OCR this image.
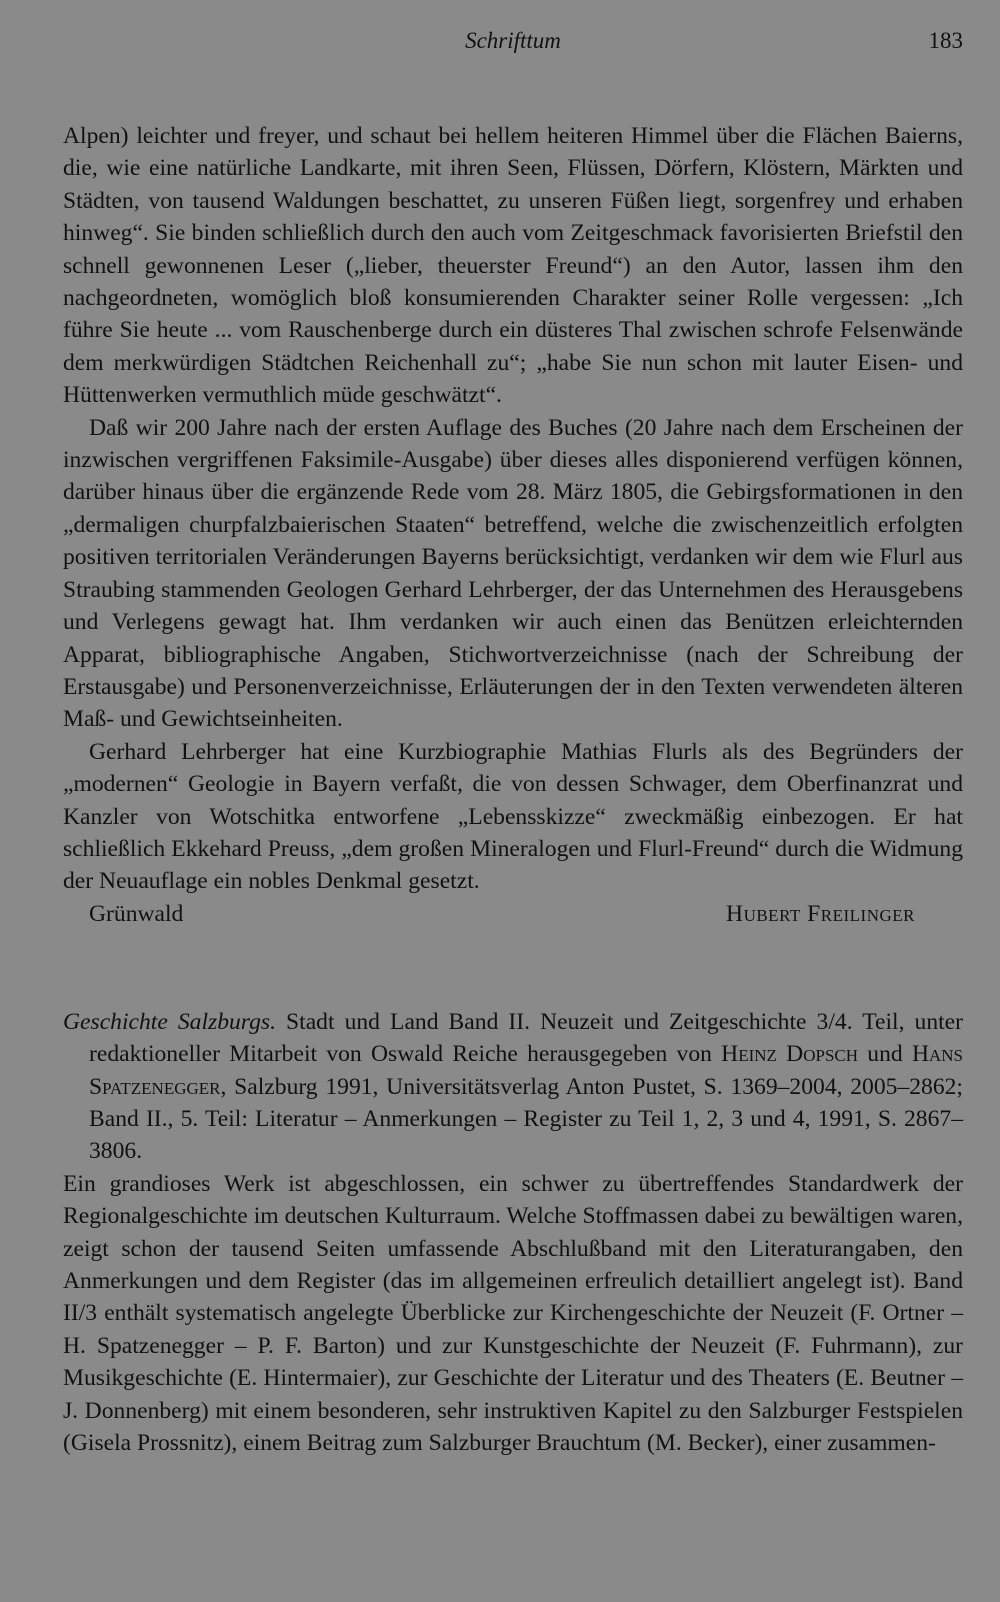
Schrifttum	183

Alpen) leichter und freyer, und schaut bei hellem heiteren Himmel über die Flächen Baierns, die, wie eine natürliche Landkarte, mit ihren Seen, Flüssen, Dörfern, Klöstern, Märkten und Städten, von tausend Waldungen beschattet, zu unseren Füßen liegt, sorgenfrey und erhaben hinweg“. Sie binden schließlich durch den auch vom Zeitgeschmack favorisierten Briefstil den schnell gewonnenen Leser („lieber, theuerster Freund“) an den Autor, lassen ihm den nachgeordneten, womöglich bloß konsumierenden Charakter seiner Rolle vergessen: „Ich führe Sie heute ... vom Rauschenberge durch ein düsteres Thal zwischen schrofe Felsenwände dem merkwürdigen Städtchen Reichenhall zu“; „habe Sie nun schon mit lauter Eisen- und Hüttenwerken vermuthlich müde geschwätzt“.

Daß wir 200 Jahre nach der ersten Auflage des Buches (20 Jahre nach dem Erscheinen der inzwischen vergriffenen Faksimile-Ausgabe) über dieses alles disponierend verfügen können, darüber hinaus über die ergänzende Rede vom 28. März 1805, die Gebirgsformationen in den „dermaligen churpfalzbaierischen Staaten“ betreffend, welche die zwischenzeitlich erfolgten positiven territorialen Veränderungen Bayerns berücksichtigt, verdanken wir dem wie Flurl aus Straubing stammenden Geologen Gerhard Lehrberger, der das Unternehmen des Herausgebens und Verlegens gewagt hat. Ihm verdanken wir auch einen das Benützen erleichternden Apparat, bibliographische Angaben, Stichwortverzeichnisse (nach der Schreibung der Erstausgabe) und Personenverzeichnisse, Erläuterungen der in den Texten verwendeten älteren Maß- und Gewichtseinheiten.

Gerhard Lehrberger hat eine Kurzbiographie Mathias Flurls als des Begründers der „modernen“ Geologie in Bayern verfaßt, die von dessen Schwager, dem Oberfinanzrat und Kanzler von Wotschitka entworfene „Lebensskizze“ zweckmäßig einbezogen. Er hat schließlich Ekkehard Preuss, „dem großen Mineralogen und Flurl-Freund“ durch die Widmung der Neuauflage ein nobles Denkmal gesetzt.

Grünwald	Hubert Freilinger
Geschichte Salzburgs. Stadt und Land Band II. Neuzeit und Zeitgeschichte 3/4. Teil, unter redaktioneller Mitarbeit von Oswald Reiche herausgegeben von Heinz Dopsch und Hans Spatzenegger, Salzburg 1991, Universitätsverlag Anton Pustet, S. 1369–2004, 2005–2862; Band II., 5. Teil: Literatur – Anmerkungen – Register zu Teil 1, 2, 3 und 4, 1991, S. 2867–3806.

Ein grandioses Werk ist abgeschlossen, ein schwer zu übertreffendes Standardwerk der Regionalgeschichte im deutschen Kulturraum. Welche Stoffmassen dabei zu bewältigen waren, zeigt schon der tausend Seiten umfassende Abschlußband mit den Literaturangaben, den Anmerkungen und dem Register (das im allgemeinen erfreulich detailliert angelegt ist). Band II/3 enthält systematisch angelegte Überblicke zur Kirchengeschichte der Neuzeit (F. Ortner – H. Spatzenegger – P. F. Barton) und zur Kunstgeschichte der Neuzeit (F. Fuhrmann), zur Musikgeschichte (E. Hintermaier), zur Geschichte der Literatur und des Theaters (E. Beutner – J. Donnenberg) mit einem besonderen, sehr instruktiven Kapitel zu den Salzburger Festspielen (Gisela Prossnitz), einem Beitrag zum Salzburger Brauchtum (M. Becker), einer zusammen-
